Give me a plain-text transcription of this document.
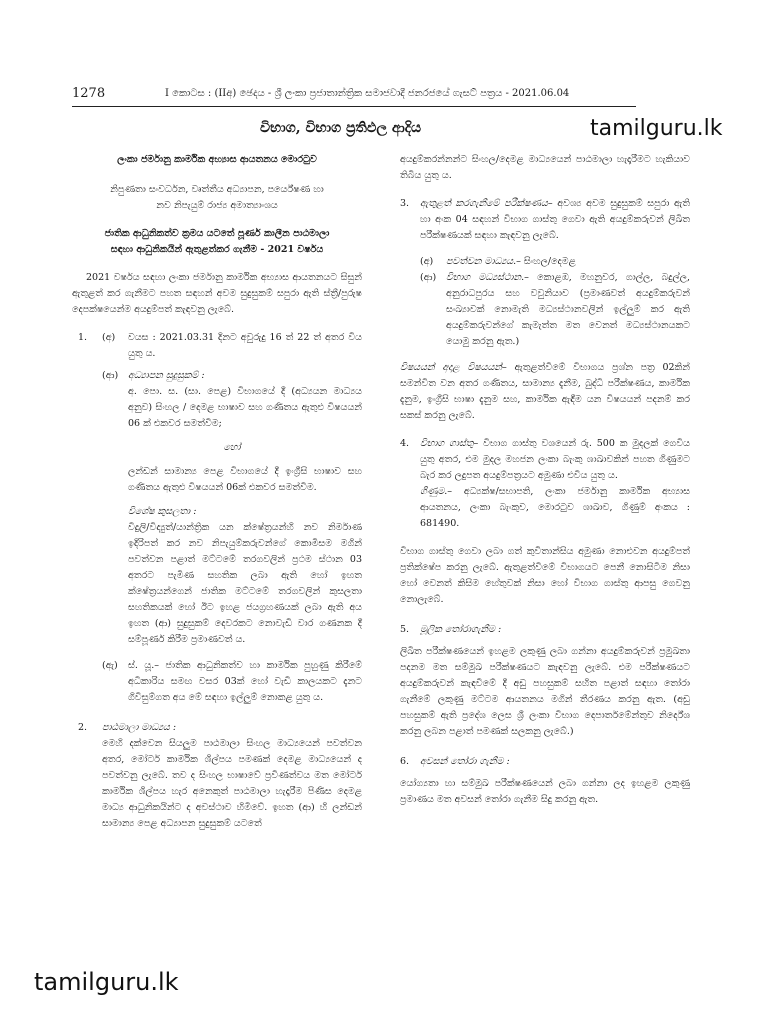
1278	I කොටස : (IIඅ) ඡෙදය - ශ්‍රී ලංකා ප්‍රජාතාන්ත්‍රික සමාජවාදී ජනරජයේ ගැසට් පත්‍රය - 2021.06.04
විභාග, විභාග ප්‍රතිඵල ආදිය	tamilguru.lk

ලංකා ජර්මානු කාර්මික අභ්‍යාස ආයතනය මොරටුව

නිපුණතා සංවර්ධන, වෘත්තීය අධ්‍යාපන, පර්යේෂණ හා

නව නිපැයුම් රාජ්‍ය අමාත්‍යාංශය

ජාතික ආධුනිකත්ව ක්‍රමය යටතේ පූර්ණ කාලීන පාඨමාලා

සඳහා ආධුනිකයින් ඇතුළත්කර ගැනීම - 2021 වර්ෂය

2021 වර්ෂය සඳහා ලංකා ජර්මානු කාර්මික අභ්‍යාස ආයතනයට සිසුන් ඇතුළත් කර ගැනීමට පහත සඳහන් අවම සුදුසුකම් සපුරා ඇති ස්ත්‍රී/පුරුෂ දෙපක්ෂයෙන්ම අයදුම්පත් කැඳවනු ලැබේ.

1.	(අ)	වයස : 2021.03.31 දිනට අවුරුදු 16 ත් 22 ත් අතර විය යුතු ය.
(ආ)	අධ්‍යාපන සුදුසුකම් :

අ. පො. ස. (සා. පෙළ) විභාගයේ දී (අධ්‍යයන මාධ්‍යය අනුව) සිංහල / දෙමළ භාෂාව සහ ගණිතය ඇතුළු විෂයයන් 06 ක් එකවර සමත්වීම;

හෝ

ලන්ඩන් සාමාන්‍ය පෙළ විභාගයේ දී ඉංග්‍රීසි භාෂාව සහ ගණිතය ඇතුළු විෂයයන් 06ක් එකවර සමත්වීම.

විශේෂ කුසලතා :

විදුලි/විද්‍යුත්/යාන්ත්‍රික යන ක්ෂේත්‍රයන්හි නව නිර්මාණ ඉදිරිපත් කර නව නිපැයුම්කරුවන්ගේ කොමිසම මගින් පවත්වන පළාත් මට්ටමේ තරගවලින් ප්‍රථම ස්ථාන 03 අතරට පැමිණ සහතික ලබා ඇති හෝ ඉහත ක්ෂේත්‍රයන්ගෙන් ජාතික මට්ටමේ තරගවලින් කුසලතා සහතිකයක් හෝ ඊට ඉහළ ජයග්‍රහණයක් ලබා ඇති අය ඉහත (ආ) සුදුසුකම් දෙවරකට නොවැඩි වාර ගණනක දී සම්පූර්ණ කිරීම ප්‍රමාණවත් ය.

(ඇ)	ස්. යූ.– ජාතික ආධුනිකත්ව හා කාර්මික පුහුණු කිරීමේ අධිකාරිය සමඟ වසර 03ක් හෝ වැඩි කාලයකට දැනට ගිවිසුම්ගත අය මේ සඳහා ඉල්ලුම් නොකළ යුතු ය.
2.	පාඨමාලා මාධ්‍යය :

මෙහි දක්වෙන සියලුම පාඨමාලා සිංහල මාධ්‍යයෙන් පවත්වන අතර, මෝටර් කාර්මික ශිල්පය පමණක් දෙමළ මාධ්‍යයෙන් ද පවත්වනු ලැබේ. තව ද සිංහල භාෂාවේ ප්‍රවීණත්වය මත මෝටර් කාර්මික ශිල්පය හැර අනෙකුත් පාඨමාලා හැදෑරීම පිණිස දෙමළ මාධ්‍ය ආධුනිකයින්ට ද අවස්ථාව හිමිවේ. ඉහත (ආ) හි ලන්ඩන් සාමාන්‍ය පෙළ අධ්‍යාපන සුදුසුකම් යටතේ

අයදුම්කරන්නන්ට සිංහල/දෙමළ මාධ්‍යයෙන් පාඨමාලා හැදෑරීමට හැකියාව තිබිය යුතු ය.

3.	ඇතුළත් කරගැනීමේ පරීක්ෂණය– අවශ්‍ය අවම සුදුසුකම් සපුරා ඇති හා අංක 04 සඳහන් විභාග ගාස්තු ගෙවා ඇති අයදුම්කරුවන් ලිඛිත පරීක්ෂණයක් සඳහා කැඳවනු ලැබේ.

(අ)	පවත්වන මාධ්‍යය.– සිංහල/දෙමළ

(ආ)	විභාග මධ්‍යස්ථාන.– කොළඹ, මහනුවර, ගාල්ල, බදුල්ල, අනුරාධපුරය සහ වවුනියාව (ප්‍රමාණවත් අයදුම්කරුවන් සංඛ්‍යාවක් නොමැති මධ්‍යස්ථානවලින් ඉල්ලුම් කර ඇති අයදුම්කරුවන්ගේ කැමැත්ත මත වෙනත් මධ්‍යස්ථානයකට යොමු කරනු ඇත.)

විෂයයන් අදාළ විෂයයන්– ඇතුළත්වීමේ විභාගය ප්‍රශ්න පත්‍ර 02කින් සමන්විත වන අතර ගණිතය, සාමාන්‍ය දැනීම, බුද්ධි පරීක්ෂණය, කාර්මික දැනුම, ඉංග්‍රීසි භාෂා දැනුම සහ, කාර්මික ඇඳීම යන විෂයයන් පදනම් කර සකස් කරනු ලැබේ.

4.	විභාග ගාස්තු– විභාග ගාස්තු වශයෙන් රු. 500 ක මුදලක් ගෙවිය යුතු අතර, එම මුදල මහජන ලංකා බැංකු ශාඛාවකින් පහත ගිණුමට බැර කර ලදුපත අයදුම්පත්‍රයට අමුණා එවිය යුතු ය.

ගිණුම.– අධ්‍යක්ෂ/සභාපති, ලංකා ජර්මානු කාර්මික අභ්‍යාස ආයතනය, ලංකා බැංකුව, මොරටුව ශාඛාව, ගිණුම් අංකය : 681490.

විභාග ගාස්තු ගෙවා ලබා ගත් කුවිතාන්සිය අමුණා නොඑවන අයදුම්පත් ප්‍රතික්ෂේප කරනු ලැබේ. ඇතුළත්වීමේ විභාගයට පෙනී නොසිටීම නිසා හෝ වෙනත් කිසිම හේතුවක් නිසා හෝ විභාග ගාස්තු ආපසු ගෙවනු නොලැබේ.

5.	මූලික තෝරාගැනීම :

ලිඛිත පරීක්ෂණයෙන් ඉහළම ලකුණු ලබා ගන්නා අයදුම්කරුවන් ප්‍රමුඛතා පදනම මත සම්මුඛ පරීක්ෂණයට කැඳවනු ලැබේ. එම පරීක්ෂණයට අයදුම්කරුවන් කැඳවීමේ දී අඩු පහසුකම් සහිත පළාත් සඳහා තෝරා ගැනීමේ ලකුණු මට්ටම ආයතනය මගින් තීරණය කරනු ඇත. (අඩු පහසුකම් ඇති ප්‍රදේශ ලෙස ශ්‍රී ලංකා විභාග දෙපාර්තමේන්තුව නිර්දේශ කරනු ලබන පළාත් පමණක් සලකනු ලැබේ.)

6.	අවසන් තෝරා ගැනීම :

යෝග්‍යතා හා සම්මුඛ පරීක්ෂණයෙන් ලබා ගන්නා ලද ඉහළම ලකුණු ප්‍රමාණය මත අවසන් තෝරා ගැනීම සිදු කරනු ඇත.

tamilguru.lk
